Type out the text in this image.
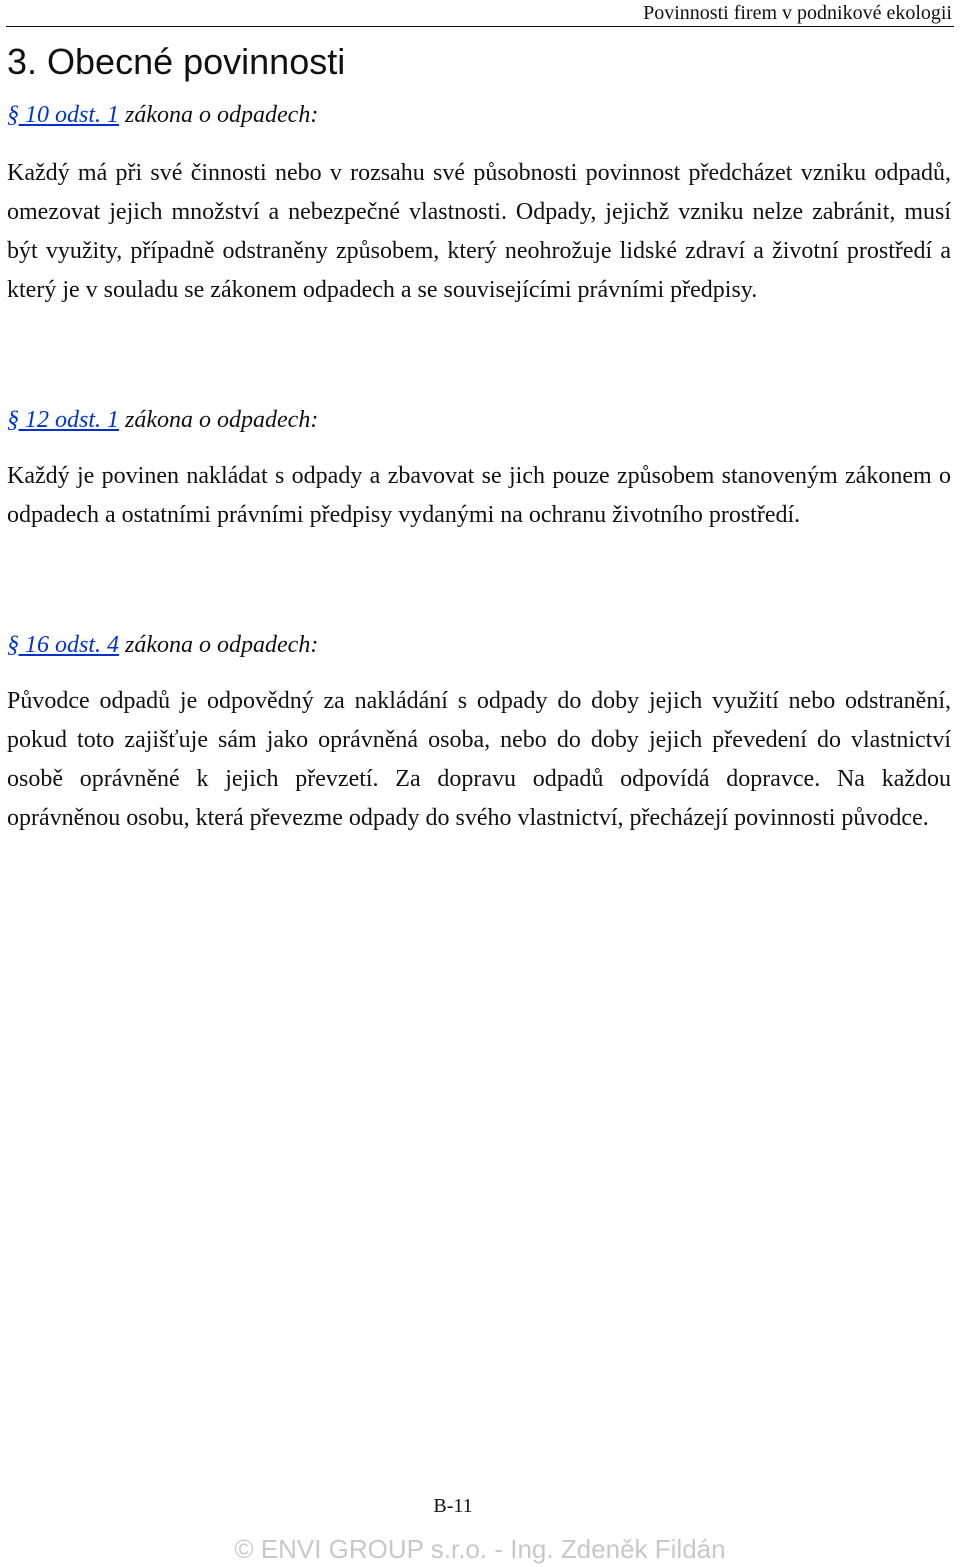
Povinnosti firem v podnikové ekologii
3. Obecné povinnosti
§ 10 odst. 1 zákona o odpadech:

Každý má při své činnosti nebo v rozsahu své působnosti povinnost předcházet vzniku odpadů, omezovat jejich množství a nebezpečné vlastnosti. Odpady, jejichž vzniku nelze zabránit, musí být využity, případně odstraněny způsobem, který neohrožuje lidské zdraví a životní prostředí a který je v souladu se zákonem odpadech a se souvisejícími právními předpisy.

§ 12 odst. 1 zákona o odpadech:

Každý je povinen nakládat s odpady a zbavovat se jich pouze způsobem stanoveným zákonem o odpadech a ostatními právními předpisy vydanými na ochranu životního prostředí.

§ 16 odst. 4 zákona o odpadech:

Původce odpadů je odpovědný za nakládání s odpady do doby jejich využití nebo odstranění, pokud toto zajišťuje sám jako oprávněná osoba, nebo do doby jejich převedení do vlastnictví osobě oprávněné k jejich převzetí. Za dopravu odpadů odpovídá dopravce. Na každou oprávněnou osobu, která převezme odpady do svého vlastnictví, přecházejí povinnosti původce.

B-11
© ENVI GROUP s.r.o. - Ing. Zdeněk Fildán
